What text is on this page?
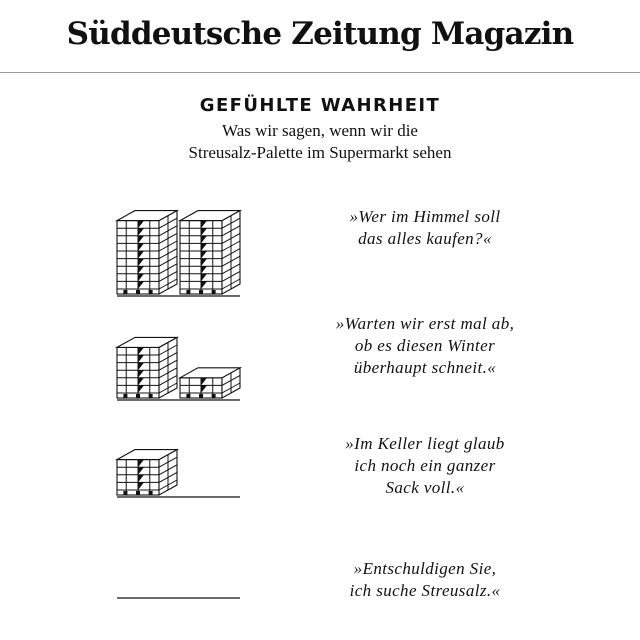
Süddeutsche Zeitung Magazin
GEFÜHLTE WAHRHEIT
Was wir sagen, wenn wir die
Streusalz-Palette im Supermarkt sehen
»Wer im Himmel soll
das alles kaufen?«
»Warten wir erst mal ab,
ob es diesen Winter
überhaupt schneit.«
»Im Keller liegt glaub
ich noch ein ganzer
Sack voll.«
»Entschuldigen Sie,
ich suche Streusalz.«
